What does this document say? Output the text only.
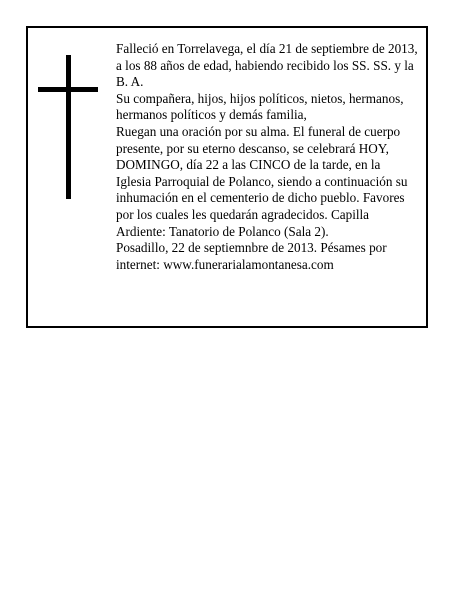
Falleció en Torrelavega, el día 21 de septiembre de 2013, a los 88 años de edad, habiendo recibido los SS. SS. y la B. A.

Su compañera, hijos, hijos políticos, nietos, hermanos, hermanos políticos y demás familia,

Ruegan una oración por su alma. El funeral de cuerpo presente, por su eterno descanso, se celebrará HOY, DOMINGO, día 22 a las CINCO de la tarde, en la Iglesia Parroquial de Polanco, siendo a continuación su inhumación en el cementerio de dicho pueblo. Favores por los cuales les quedarán agradecidos. Capilla Ardiente: Tanatorio de Polanco (Sala 2).

Posadillo, 22 de septiemnbre de 2013. Pésames por internet: www.funerarialamontanesa.com
